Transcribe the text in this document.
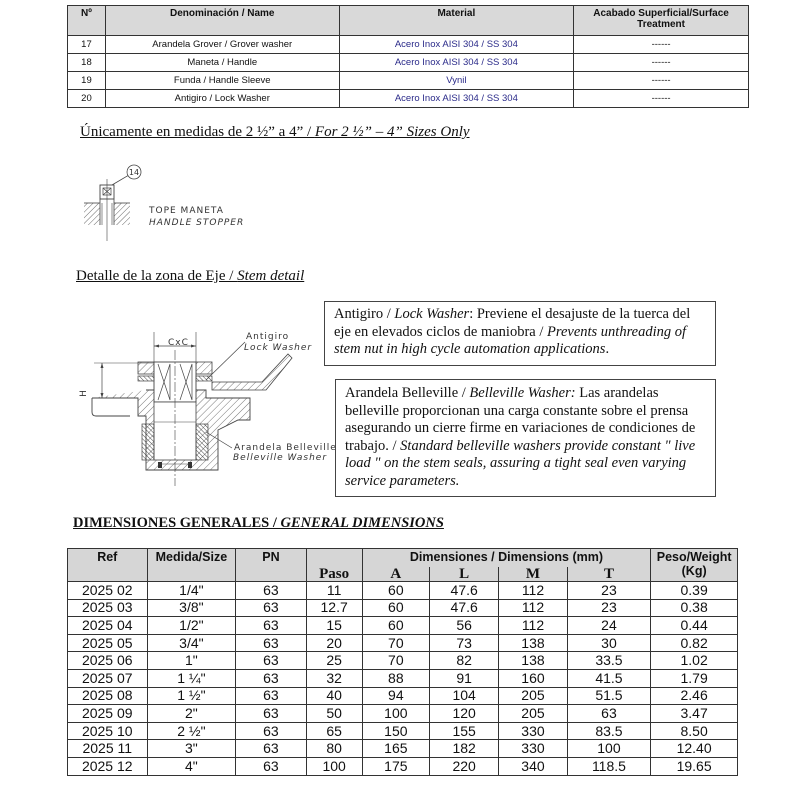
Nº	Denominación / Name	Material	Acabado Superficial/Surface
Treatment
17	Arandela Grover / Grover washer	Acero Inox AISI 304 / SS 304	------
18	Maneta / Handle	Acero Inox AISI 304 / SS 304	------
19	Funda / Handle Sleeve	Vynil	------
20	Antigiro / Lock Washer	Acero Inox AISI 304 / SS 304	------
Únicamente en medidas de 2 ½” a 4” / For 2 ½” – 4” Sizes Only
14
TOPE MANETA
HANDLE STOPPER
Detalle de la zona de Eje / Stem detail
CxC
H
Antigiro
Lock Washer
Arandela Belleville
Belleville Washer
Antigiro / Lock Washer: Previene el desajuste de la tuerca del eje en elevados ciclos de maniobra / Prevents unthreading of stem nut in high cycle automation applications.
Arandela Belleville / Belleville Washer: Las arandelas belleville proporcionan una carga constante sobre el prensa asegurando un cierre firme en variaciones de condiciones de trabajo. / Standard belleville washers provide constant " live load " on the stem seals, assuring a tight seal even varying service parameters.
DIMENSIONES GENERALES / GENERAL DIMENSIONS
Ref	Medida/Size	PN		Dimensiones / Dimensions (mm)				Peso/Weight
(Kg)
			Paso	A	L	M	T	
2025 02	1/4"	63	11	60	47.6	112	23	0.39
2025 03	3/8"	63	12.7	60	47.6	112	23	0.38
2025 04	1/2"	63	15	60	56	112	24	0.44
2025 05	3/4"	63	20	70	73	138	30	0.82
2025 06	1"	63	25	70	82	138	33.5	1.02
2025 07	1 ¼"	63	32	88	91	160	41.5	1.79
2025 08	1 ½"	63	40	94	104	205	51.5	2.46
2025 09	2"	63	50	100	120	205	63	3.47
2025 10	2 ½"	63	65	150	155	330	83.5	8.50
2025 11	3"	63	80	165	182	330	100	12.40
2025 12	4"	63	100	175	220	340	118.5	19.65
